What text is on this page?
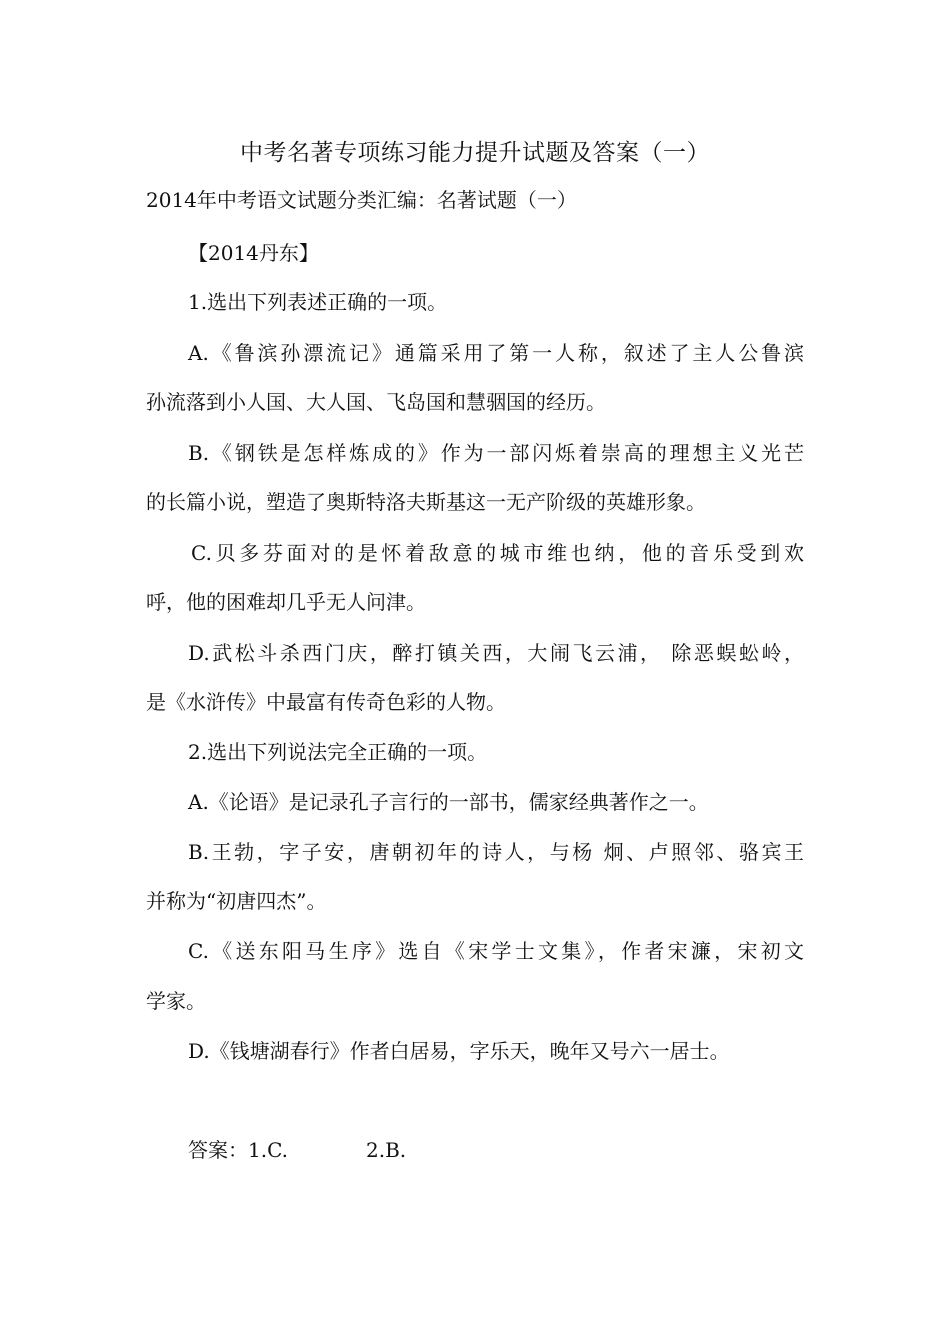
中考名著专项练习能力提升试题及答案（一）
2014年中考语文试题分类汇编：名著试题（一）
【2014丹东】
1.选出下列表述正确的一项。
A.《鲁滨孙漂流记》通篇采用了第一人称，叙述了主人公鲁滨
孙流落到小人国、大人国、飞岛国和慧骃国的经历。
B.《钢铁是怎样炼成的》作为一部闪烁着崇高的理想主义光芒
的长篇小说，塑造了奥斯特洛夫斯基这一无产阶级的英雄形象。
C.贝多芬面对的是怀着敌意的城市维也纳，他的音乐受到欢
呼，他的困难却几乎无人问津。
D.武松斗杀西门庆，醉打镇关西，大闹飞云浦， 除恶蜈蚣岭，
是《水浒传》中最富有传奇色彩的人物。
2.选出下列说法完全正确的一项。
A.《论语》是记录孔子言行的一部书，儒家经典著作之一。
B.王勃，字子安，唐朝初年的诗人，与杨 炯、卢照邻、骆宾王
并称为“初唐四杰”。
C.《送东阳马生序》选自《宋学士文集》，作者宋濂，宋初文
学家。
D.《钱塘湖春行》作者白居易，字乐天，晚年又号六一居士。
答案：1.C.	2.B.
